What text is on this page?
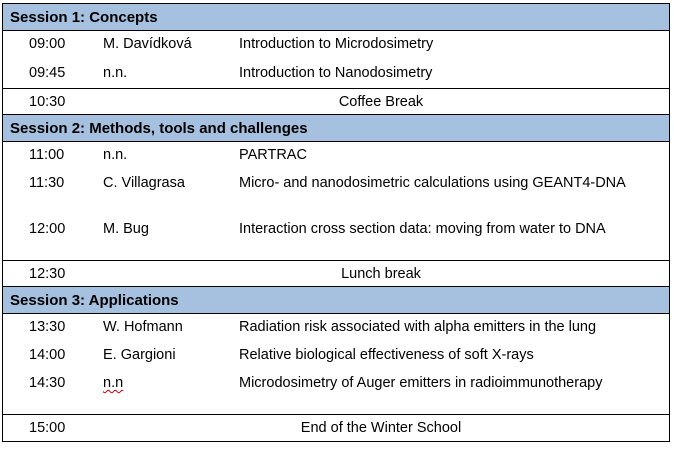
Session 1: Concepts
09:00	M. Davídková	Introduction to Microdosimetry
09:45	n.n.	Introduction to Nanodosimetry
10:30	Coffee Break
Session 2: Methods, tools and challenges
11:00	n.n.	PARTRAC
11:30	C. Villagrasa	Micro- and nanodosimetric calculations using GEANT4-DNA
12:00	M. Bug	Interaction cross section data: moving from water to DNA
12:30	Lunch break
Session 3: Applications
13:30	W. Hofmann	Radiation risk associated with alpha emitters in the lung
14:00	E. Gargioni	Relative biological effectiveness of soft X-rays
14:30	n.n	Microdosimetry of Auger emitters in radioimmunotherapy
15:00	End of the Winter School
